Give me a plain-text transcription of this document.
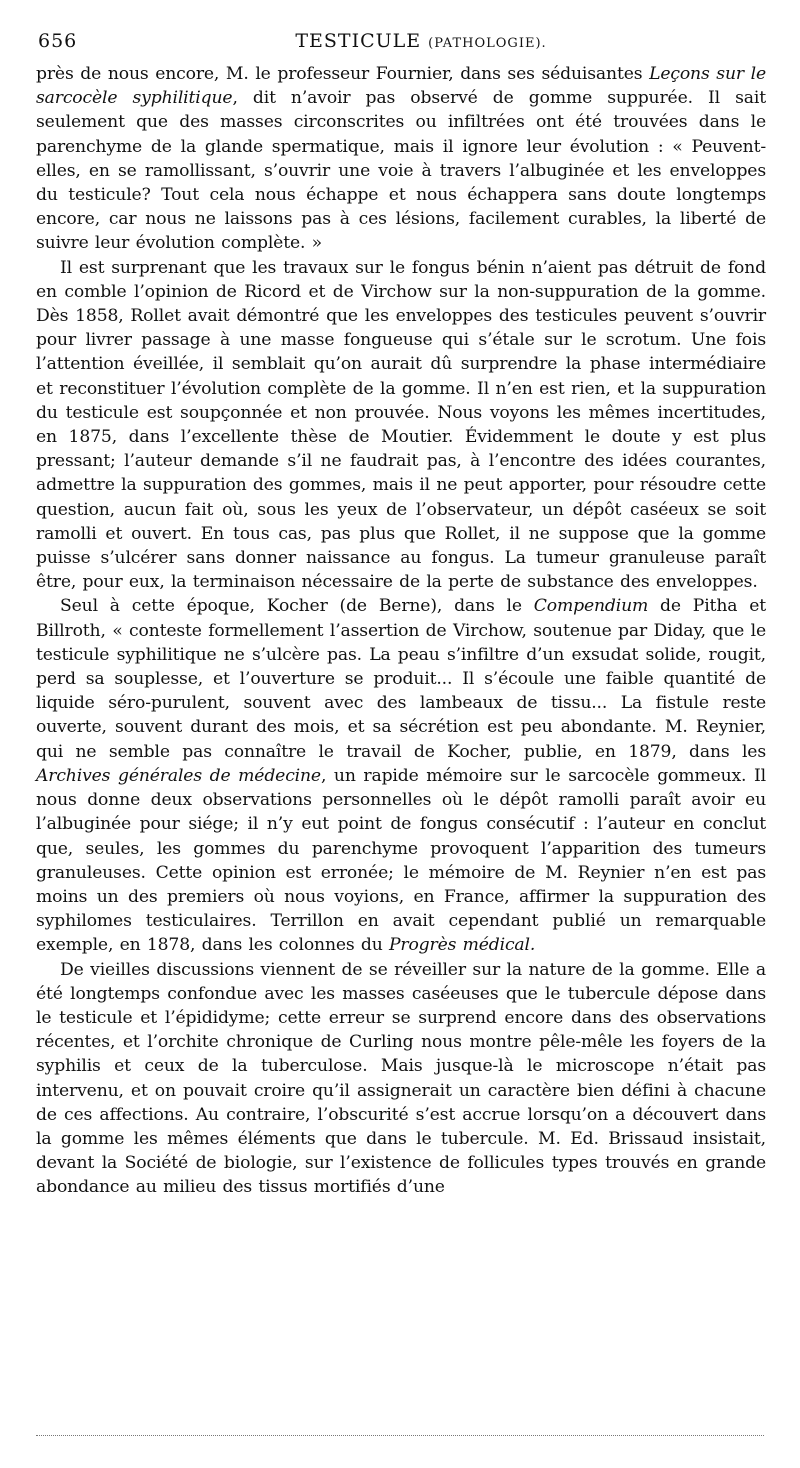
656	TESTICULE (PATHOLOGIE).

près de nous encore, M. le professeur Fournier, dans ses séduisantes Leçons sur le sarcocèle syphilitique, dit n’avoir pas observé de gomme suppurée. Il sait seulement que des masses circonscrites ou infiltrées ont été trouvées dans le parenchyme de la glande spermatique, mais il ignore leur évolution : « Peuvent-elles, en se ramollissant, s’ouvrir une voie à travers l’albuginée et les enveloppes du testicule? Tout cela nous échappe et nous échappera sans doute longtemps encore, car nous ne laissons pas à ces lésions, facilement curables, la liberté de suivre leur évolution complète. »

Il est surprenant que les travaux sur le fongus bénin n’aient pas détruit de fond en comble l’opinion de Ricord et de Virchow sur la non-suppuration de la gomme. Dès 1858, Rollet avait démontré que les enveloppes des testicules peuvent s’ouvrir pour livrer passage à une masse fongueuse qui s’étale sur le scrotum. Une fois l’attention éveillée, il semblait qu’on aurait dû surprendre la phase intermédiaire et reconstituer l’évolution complète de la gomme. Il n’en est rien, et la suppuration du testicule est soupçonnée et non prouvée. Nous voyons les mêmes incertitudes, en 1875, dans l’excellente thèse de Moutier. Évidemment le doute y est plus pressant; l’auteur demande s’il ne faudrait pas, à l’encontre des idées courantes, admettre la suppuration des gommes, mais il ne peut apporter, pour résoudre cette question, aucun fait où, sous les yeux de l’observateur, un dépôt caséeux se soit ramolli et ouvert. En tous cas, pas plus que Rollet, il ne suppose que la gomme puisse s’ulcérer sans donner naissance au fongus. La tumeur granuleuse paraît être, pour eux, la terminaison nécessaire de la perte de substance des enveloppes.

Seul à cette époque, Kocher (de Berne), dans le Compendium de Pitha et Billroth, « conteste formellement l’assertion de Virchow, soutenue par Diday, que le testicule syphilitique ne s’ulcère pas. La peau s’infiltre d’un exsudat solide, rougit, perd sa souplesse, et l’ouverture se produit... Il s’écoule une faible quantité de liquide séro-purulent, souvent avec des lambeaux de tissu... La fistule reste ouverte, souvent durant des mois, et sa sécrétion est peu abondante. M. Reynier, qui ne semble pas connaître le travail de Kocher, publie, en 1879, dans les Archives générales de médecine, un rapide mémoire sur le sarcocèle gommeux. Il nous donne deux observations personnelles où le dépôt ramolli paraît avoir eu l’albuginée pour siége; il n’y eut point de fongus consécutif : l’auteur en conclut que, seules, les gommes du parenchyme provoquent l’apparition des tumeurs granuleuses. Cette opinion est erronée; le mémoire de M. Reynier n’en est pas moins un des premiers où nous voyions, en France, affirmer la suppuration des syphilomes testiculaires. Terrillon en avait cependant publié un remarquable exemple, en 1878, dans les colonnes du Progrès médical.

De vieilles discussions viennent de se réveiller sur la nature de la gomme. Elle a été longtemps confondue avec les masses caséeuses que le tubercule dépose dans le testicule et l’épididyme; cette erreur se surprend encore dans des observations récentes, et l’orchite chronique de Curling nous montre pêle-mêle les foyers de la syphilis et ceux de la tuberculose. Mais jusque-là le microscope n’était pas intervenu, et on pouvait croire qu’il assignerait un caractère bien défini à chacune de ces affections. Au contraire, l’obscurité s’est accrue lorsqu’on a découvert dans la gomme les mêmes éléments que dans le tubercule. M. Ed. Brissaud insistait, devant la Société de biologie, sur l’existence de follicules types trouvés en grande abondance au milieu des tissus mortifiés d’une
